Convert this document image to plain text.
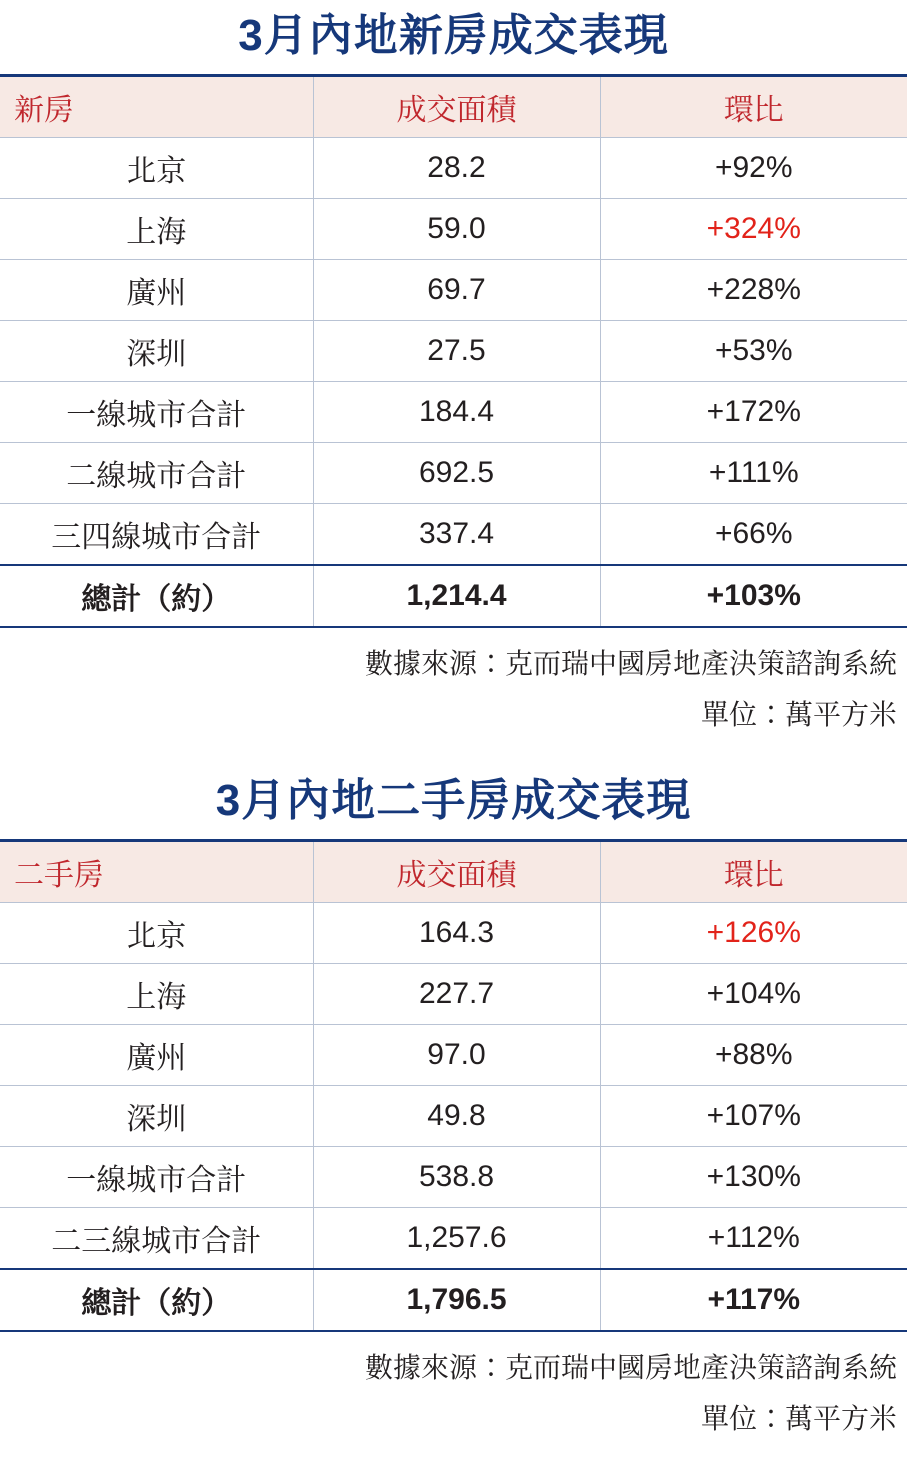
3月內地新房成交表現
新房	成交面積	環比
北京	28.2	+92%
上海	59.0	+324%
廣州	69.7	+228%
深圳	27.5	+53%
一線城市合計	184.4	+172%
二線城市合計	692.5	+111%
三四線城市合計	337.4	+66%
總計（約）	1,214.4	+103%
數據來源：克而瑞中國房地產決策諮詢系統
單位：萬平方米
3月內地二手房成交表現
二手房	成交面積	環比
北京	164.3	+126%
上海	227.7	+104%
廣州	97.0	+88%
深圳	49.8	+107%
一線城市合計	538.8	+130%
二三線城市合計	1,257.6	+112%
總計（約）	1,796.5	+117%
數據來源：克而瑞中國房地產決策諮詢系統
單位：萬平方米
